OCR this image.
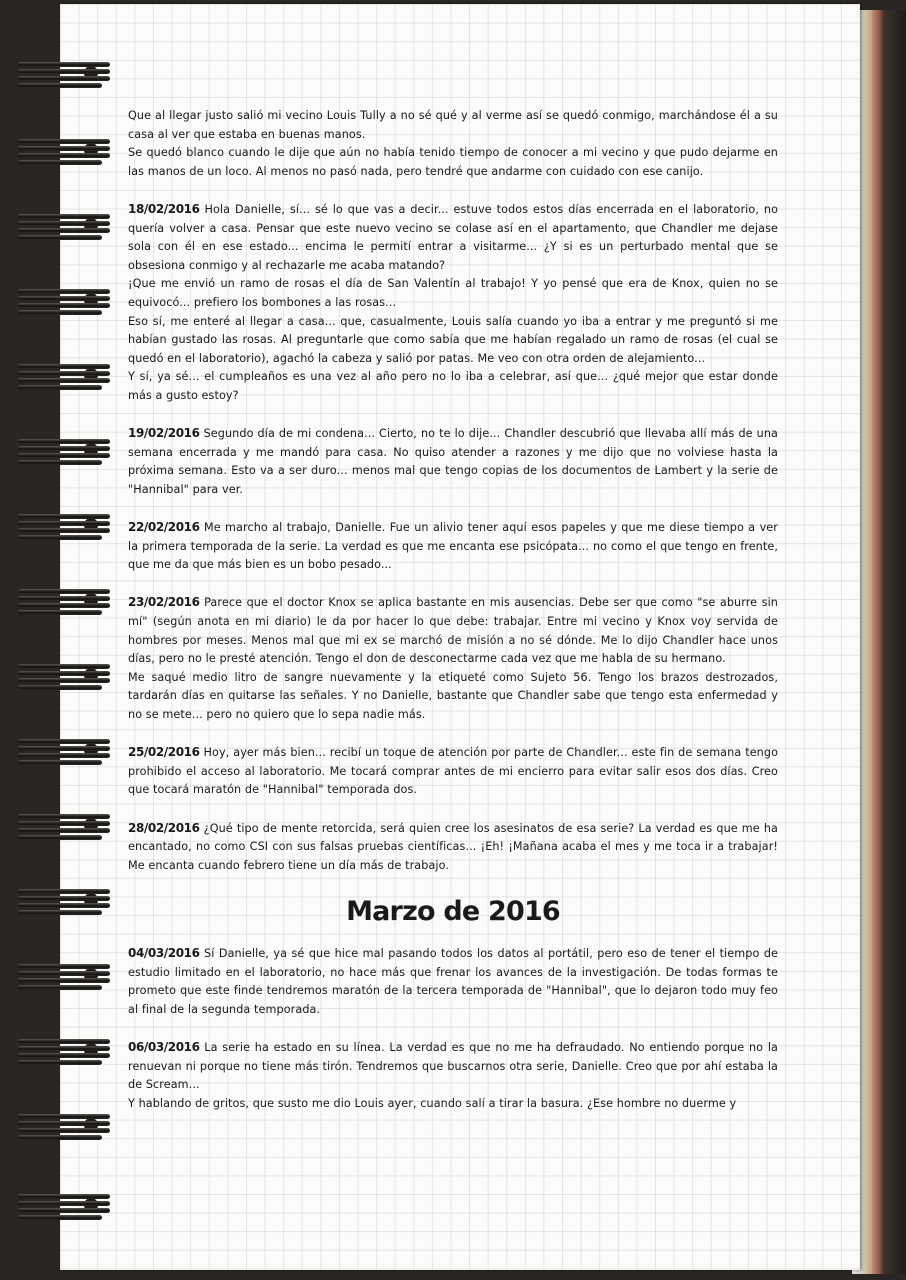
Que al llegar justo salió mi vecino Louis Tully a no sé qué y al verme así se quedó conmigo, marchándose él a su casa al ver que estaba en buenas manos.

Se quedó blanco cuando le dije que aún no había tenido tiempo de conocer a mi vecino y que pudo dejarme en las manos de un loco. Al menos no pasó nada, pero tendré que andarme con cuidado con ese canijo.

18/02/2016 Hola Danielle, sí... sé lo que vas a decir... estuve todos estos días encerrada en el laboratorio, no quería volver a casa. Pensar que este nuevo vecino se colase así en el apartamento, que Chandler me dejase sola con él en ese estado... encima le permití entrar a visitarme... ¿Y si es un perturbado mental que se obsesiona conmigo y al rechazarle me acaba matando?

¡Que me envió un ramo de rosas el día de San Valentín al trabajo! Y yo pensé que era de Knox, quien no se equivocó... prefiero los bombones a las rosas...

Eso sí, me enteré al llegar a casa... que, casualmente, Louis salía cuando yo iba a entrar y me preguntó si me habían gustado las rosas. Al preguntarle que como sabía que me habían regalado un ramo de rosas (el cual se quedó en el laboratorio), agachó la cabeza y salió por patas. Me veo con otra orden de alejamiento...

Y sí, ya sé... el cumpleaños es una vez al año pero no lo iba a celebrar, así que... ¿qué mejor que estar donde más a gusto estoy?

19/02/2016 Segundo día de mi condena... Cierto, no te lo dije... Chandler descubrió que llevaba allí más de una semana encerrada y me mandó para casa. No quiso atender a razones y me dijo que no volviese hasta la próxima semana. Esto va a ser duro... menos mal que tengo copias de los documentos de Lambert y la serie de "Hannibal" para ver.

22/02/2016 Me marcho al trabajo, Danielle. Fue un alivio tener aquí esos papeles y que me diese tiempo a ver la primera temporada de la serie. La verdad es que me encanta ese psicópata... no como el que tengo en frente, que me da que más bien es un bobo pesado...

23/02/2016 Parece que el doctor Knox se aplica bastante en mis ausencias. Debe ser que como "se aburre sin mí" (según anota en mi diario) le da por hacer lo que debe: trabajar. Entre mi vecino y Knox voy servida de hombres por meses. Menos mal que mi ex se marchó de misión a no sé dónde. Me lo dijo Chandler hace unos días, pero no le presté atención. Tengo el don de desconectarme cada vez que me habla de su hermano.

Me saqué medio litro de sangre nuevamente y la etiqueté como Sujeto 56. Tengo los brazos destrozados, tardarán días en quitarse las señales. Y no Danielle, bastante que Chandler sabe que tengo esta enfermedad y no se mete... pero no quiero que lo sepa nadie más.

25/02/2016 Hoy, ayer más bien... recibí un toque de atención por parte de Chandler... este fin de semana tengo prohibido el acceso al laboratorio. Me tocará comprar antes de mi encierro para evitar salir esos dos días. Creo que tocará maratón de "Hannibal" temporada dos.

28/02/2016 ¿Qué tipo de mente retorcida, será quien cree los asesinatos de esa serie? La verdad es que me ha encantado, no como CSI con sus falsas pruebas científicas... ¡Eh! ¡Mañana acaba el mes y me toca ir a trabajar! Me encanta cuando febrero tiene un día más de trabajo.

Marzo de 2016

04/03/2016 Sí Danielle, ya sé que hice mal pasando todos los datos al portátil, pero eso de tener el tiempo de estudio limitado en el laboratorio, no hace más que frenar los avances de la investigación. De todas formas te prometo que este finde tendremos maratón de la tercera temporada de "Hannibal", que lo dejaron todo muy feo al final de la segunda temporada.

06/03/2016 La serie ha estado en su línea. La verdad es que no me ha defraudado. No entiendo porque no la renuevan ni porque no tiene más tirón. Tendremos que buscarnos otra serie, Danielle. Creo que por ahí estaba la de Scream...

Y hablando de gritos, que susto me dio Louis ayer, cuando salí a tirar la basura. ¿Ese hombre no duerme y
